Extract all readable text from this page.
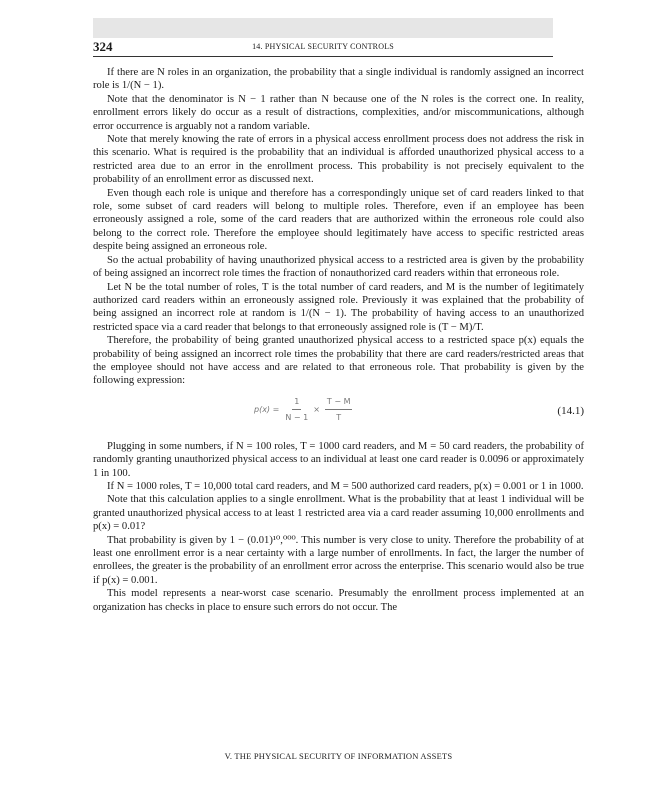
324	14. PHYSICAL SECURITY CONTROLS

If there are N roles in an organization, the probability that a single individual is randomly assigned an incorrect role is 1/(N − 1).

Note that the denominator is N − 1 rather than N because one of the N roles is the correct one. In reality, enrollment errors likely do occur as a result of distractions, complexities, and/or miscommunications, although error occurrence is arguably not a random variable.

Note that merely knowing the rate of errors in a physical access enrollment process does not address the risk in this scenario. What is required is the probability that an individual is afforded unauthorized physical access to a restricted area due to an error in the enrollment process. This probability is not precisely equivalent to the probability of an enrollment error as discussed next.

Even though each role is unique and therefore has a correspondingly unique set of card readers linked to that role, some subset of card readers will belong to multiple roles. Therefore, even if an employee has been erroneously assigned a role, some of the card readers that are authorized within the erroneous role could also belong to the correct role. Therefore the employee should legitimately have access to specific restricted areas despite being assigned an erroneous role.

So the actual probability of having unauthorized physical access to a restricted area is given by the probability of being assigned an incorrect role times the fraction of nonauthorized card readers within that erroneous role.

Let N be the total number of roles, T is the total number of card readers, and M is the number of legitimately authorized card readers within an erroneously assigned role. Previously it was explained that the probability of being assigned an incorrect role at random is 1/(N − 1). The probability of having access to an unauthorized restricted space via a card reader that belongs to that erroneously assigned role is (T − M)/T.

Therefore, the probability of being granted unauthorized physical access to a restricted space p(x) equals the probability of being assigned an incorrect role times the probability that there are card readers/restricted areas that the employee should not have access and are related to that erroneous role. That probability is given by the following expression:

$p(x) = \frac{1}{N - 1} \times \frac{T - M}{T}$	(14.1)

Plugging in some numbers, if N = 100 roles, T = 1000 card readers, and M = 50 card readers, the probability of randomly granting unauthorized physical access to an individual at least one card reader is 0.0096 or approximately 1 in 100.

If N = 1000 roles, T = 10,000 total card readers, and M = 500 authorized card readers, p(x) = 0.001 or 1 in 1000.

Note that this calculation applies to a single enrollment. What is the probability that at least 1 individual will be granted unauthorized physical access to at least 1 restricted area via a card reader assuming 10,000 enrollments and p(x) = 0.01?

That probability is given by 1 − (0.01)¹⁰,⁰⁰⁰. This number is very close to unity. Therefore the probability of at least one enrollment error is a near certainty with a large number of enrollments. In fact, the larger the number of enrollees, the greater is the probability of an enrollment error across the enterprise. This scenario would also be true if p(x) = 0.001.

This model represents a near-worst case scenario. Presumably the enrollment process implemented at an organization has checks in place to ensure such errors do not occur. The

V. THE PHYSICAL SECURITY OF INFORMATION ASSETS
